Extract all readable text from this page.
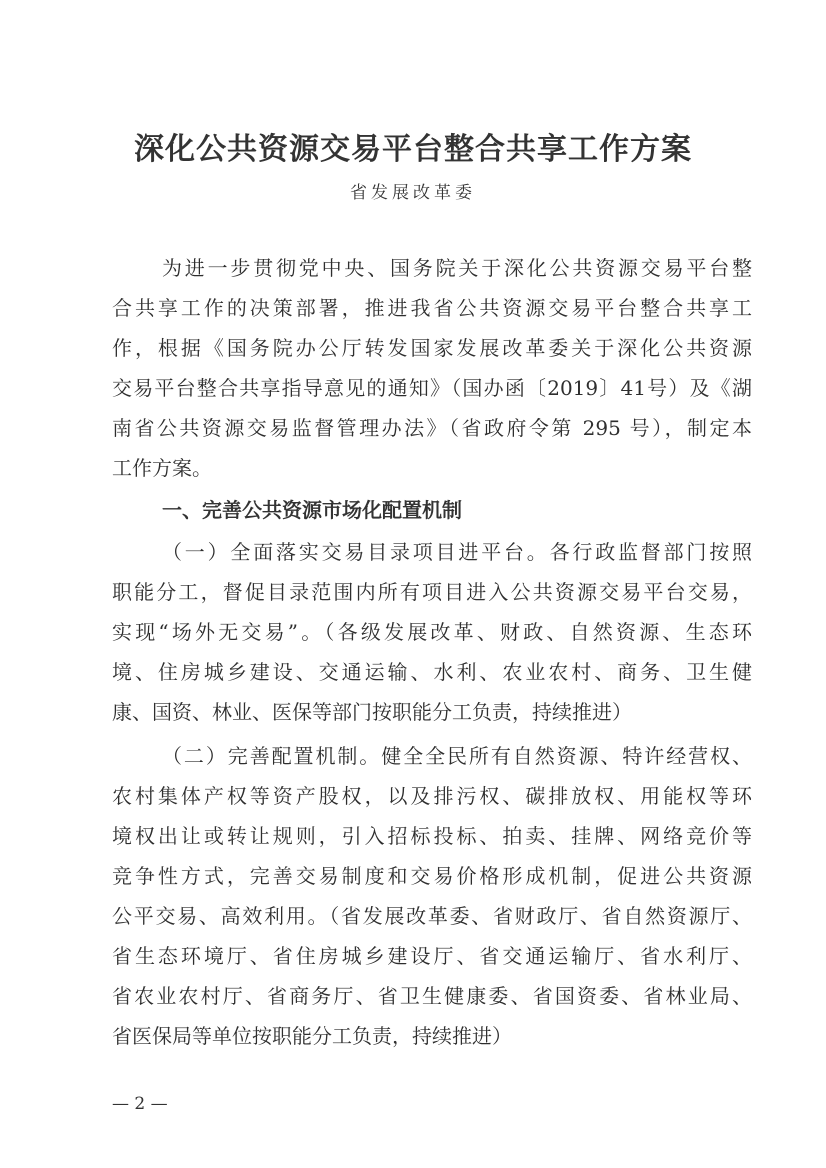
深化公共资源交易平台整合共享工作方案
省发展改革委
为进一步贯彻党中央、国务院关于深化公共资源交易平台整
合共享工作的决策部署，推进我省公共资源交易平台整合共享工
作，根据《国务院办公厅转发国家发展改革委关于深化公共资源
交易平台整合共享指导意见的通知》（国办函〔2019〕41号）及《湖
南省公共资源交易监督管理办法》（省政府令第 295 号），制定本
工作方案。
一、完善公共资源市场化配置机制
（一）全面落实交易目录项目进平台。各行政监督部门按照
职能分工，督促目录范围内所有项目进入公共资源交易平台交易，
实现“场外无交易”。（各级发展改革、财政、自然资源、生态环
境、住房城乡建设、交通运输、水利、农业农村、商务、卫生健
康、国资、林业、医保等部门按职能分工负责，持续推进）
（二）完善配置机制。健全全民所有自然资源、特许经营权、
农村集体产权等资产股权，以及排污权、碳排放权、用能权等环
境权出让或转让规则，引入招标投标、拍卖、挂牌、网络竞价等
竞争性方式，完善交易制度和交易价格形成机制，促进公共资源
公平交易、高效利用。（省发展改革委、省财政厅、省自然资源厅、
省生态环境厅、省住房城乡建设厅、省交通运输厅、省水利厅、
省农业农村厅、省商务厅、省卫生健康委、省国资委、省林业局、
省医保局等单位按职能分工负责，持续推进）
— 2 —
